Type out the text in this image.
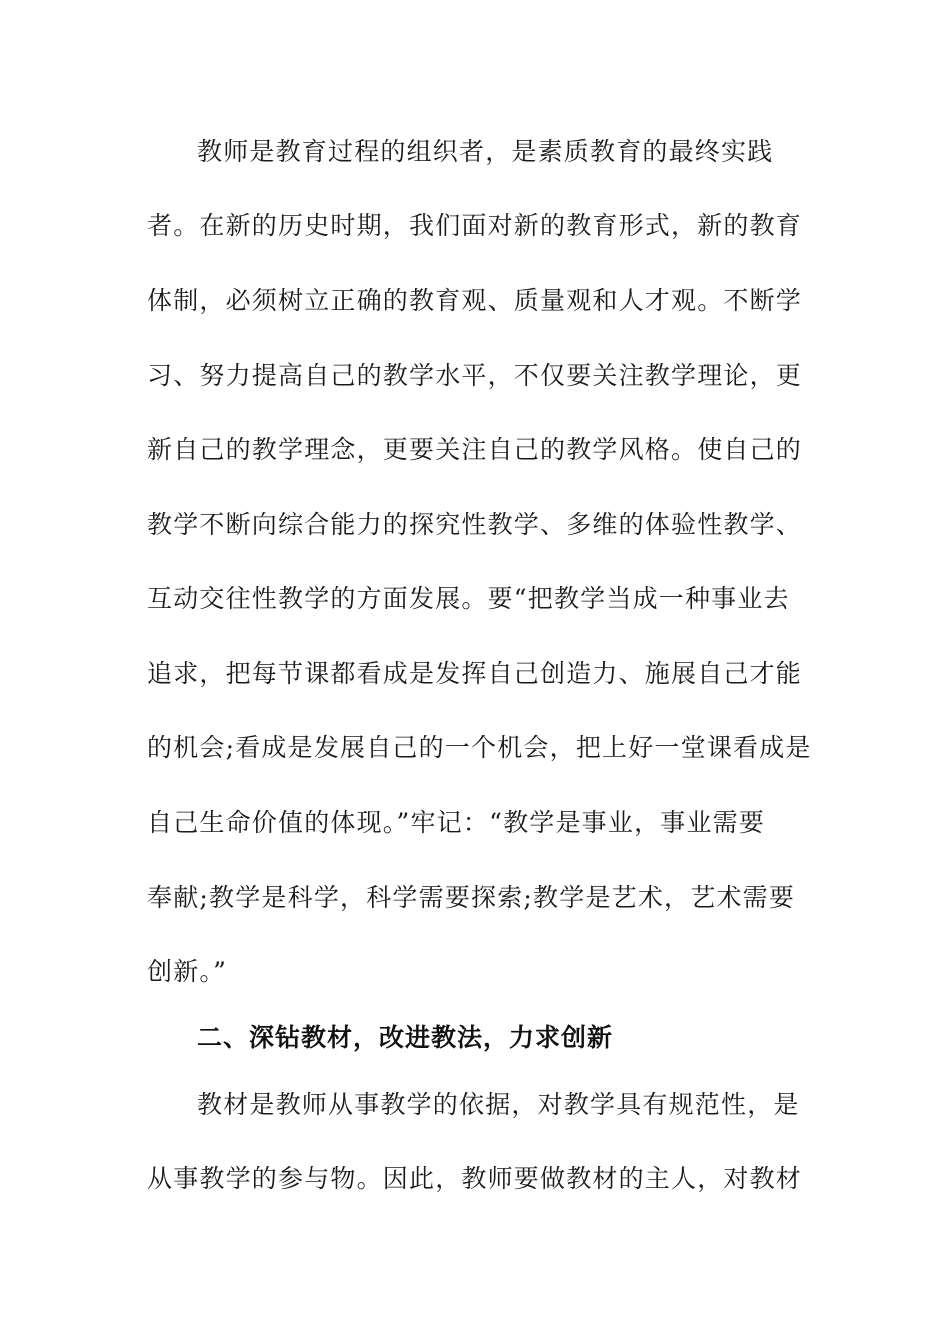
教师是教育过程的组织者，是素质教育的最终实践
者。在新的历史时期，我们面对新的教育形式，新的教育
体制，必须树立正确的教育观、质量观和人才观。不断学
习、努力提高自己的教学水平，不仅要关注教学理论，更
新自己的教学理念，更要关注自己的教学风格。使自己的
教学不断向综合能力的探究性教学、多维的体验性教学、
互动交往性教学的方面发展。要“把教学当成一种事业去
追求，把每节课都看成是发挥自己创造力、施展自己才能
的机会;看成是发展自己的一个机会，把上好一堂课看成是
自己生命价值的体现。”牢记：“教学是事业，事业需要
奉献;教学是科学，科学需要探索;教学是艺术，艺术需要
创新。”
二、深钻教材，改进教法，力求创新
教材是教师从事教学的依据，对教学具有规范性，是
从事教学的参与物。因此，教师要做教材的主人，对教材
